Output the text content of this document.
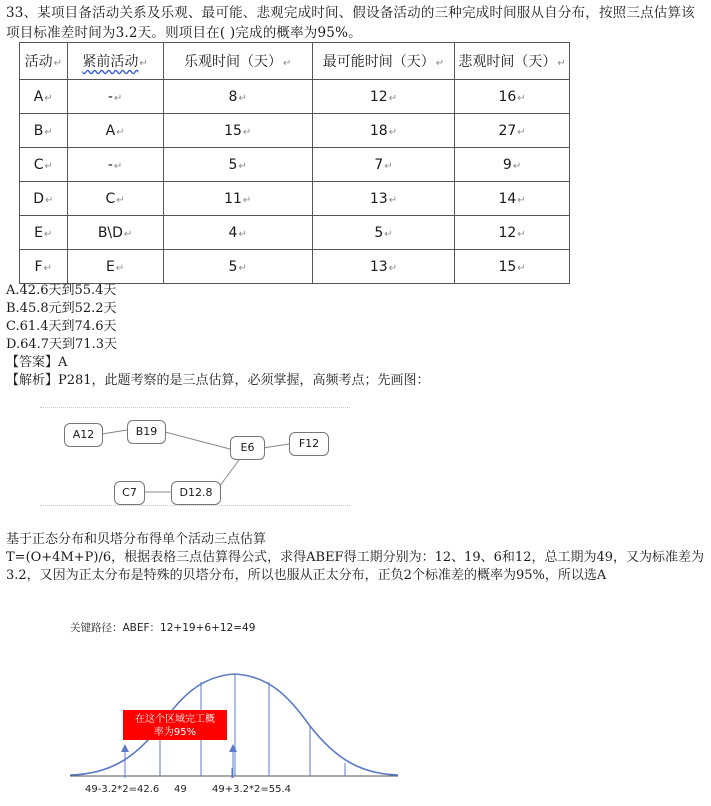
33、某项目备活动关系及乐观、最可能、悲观完成时间、假设备活动的三种完成时间服从自分布，按照三点估算该项目标准差时间为3.2天。则项目在( )完成的概率为95%。
活动↵	紧前活动↵	乐观时间（天）↵	最可能时间（天）↵	悲观时间（天）↵
A↵	-↵	8↵	12↵	16↵
B↵	A↵	15↵	18↵	27↵
C↵	-↵	5↵	7↵	9↵
D↵	C↵	11↵	13↵	14↵
E↵	B\D↵	4↵	5↵	12↵
F↵	E↵	5↵	13↵	15↵
A.42.6天到55.4天
B.45.8元到52.2天
C.61.4天到74.6天
D.64.7天到71.3天
【答案】A
【解析】P281，此题考察的是三点估算，必须掌握，高频考点；先画图：
A12	B19
E6	F12
C7	D12.8
基于正态分布和贝塔分布得单个活动三点估算
T=(O+4M+P)/6，根据表格三点估算得公式，求得ABEF得工期分别为：12、19、6和12，总工期为49，又为标准差为3.2，又因为正太分布是特殊的贝塔分布，所以也服从正太分布，正负2个标准差的概率为95%，所以选A
关键路径：ABEF：12+19+6+12=49
在这个区域完工概
率为95%
49-3.2*2=42.6 49	49+3.2*2=55.4
